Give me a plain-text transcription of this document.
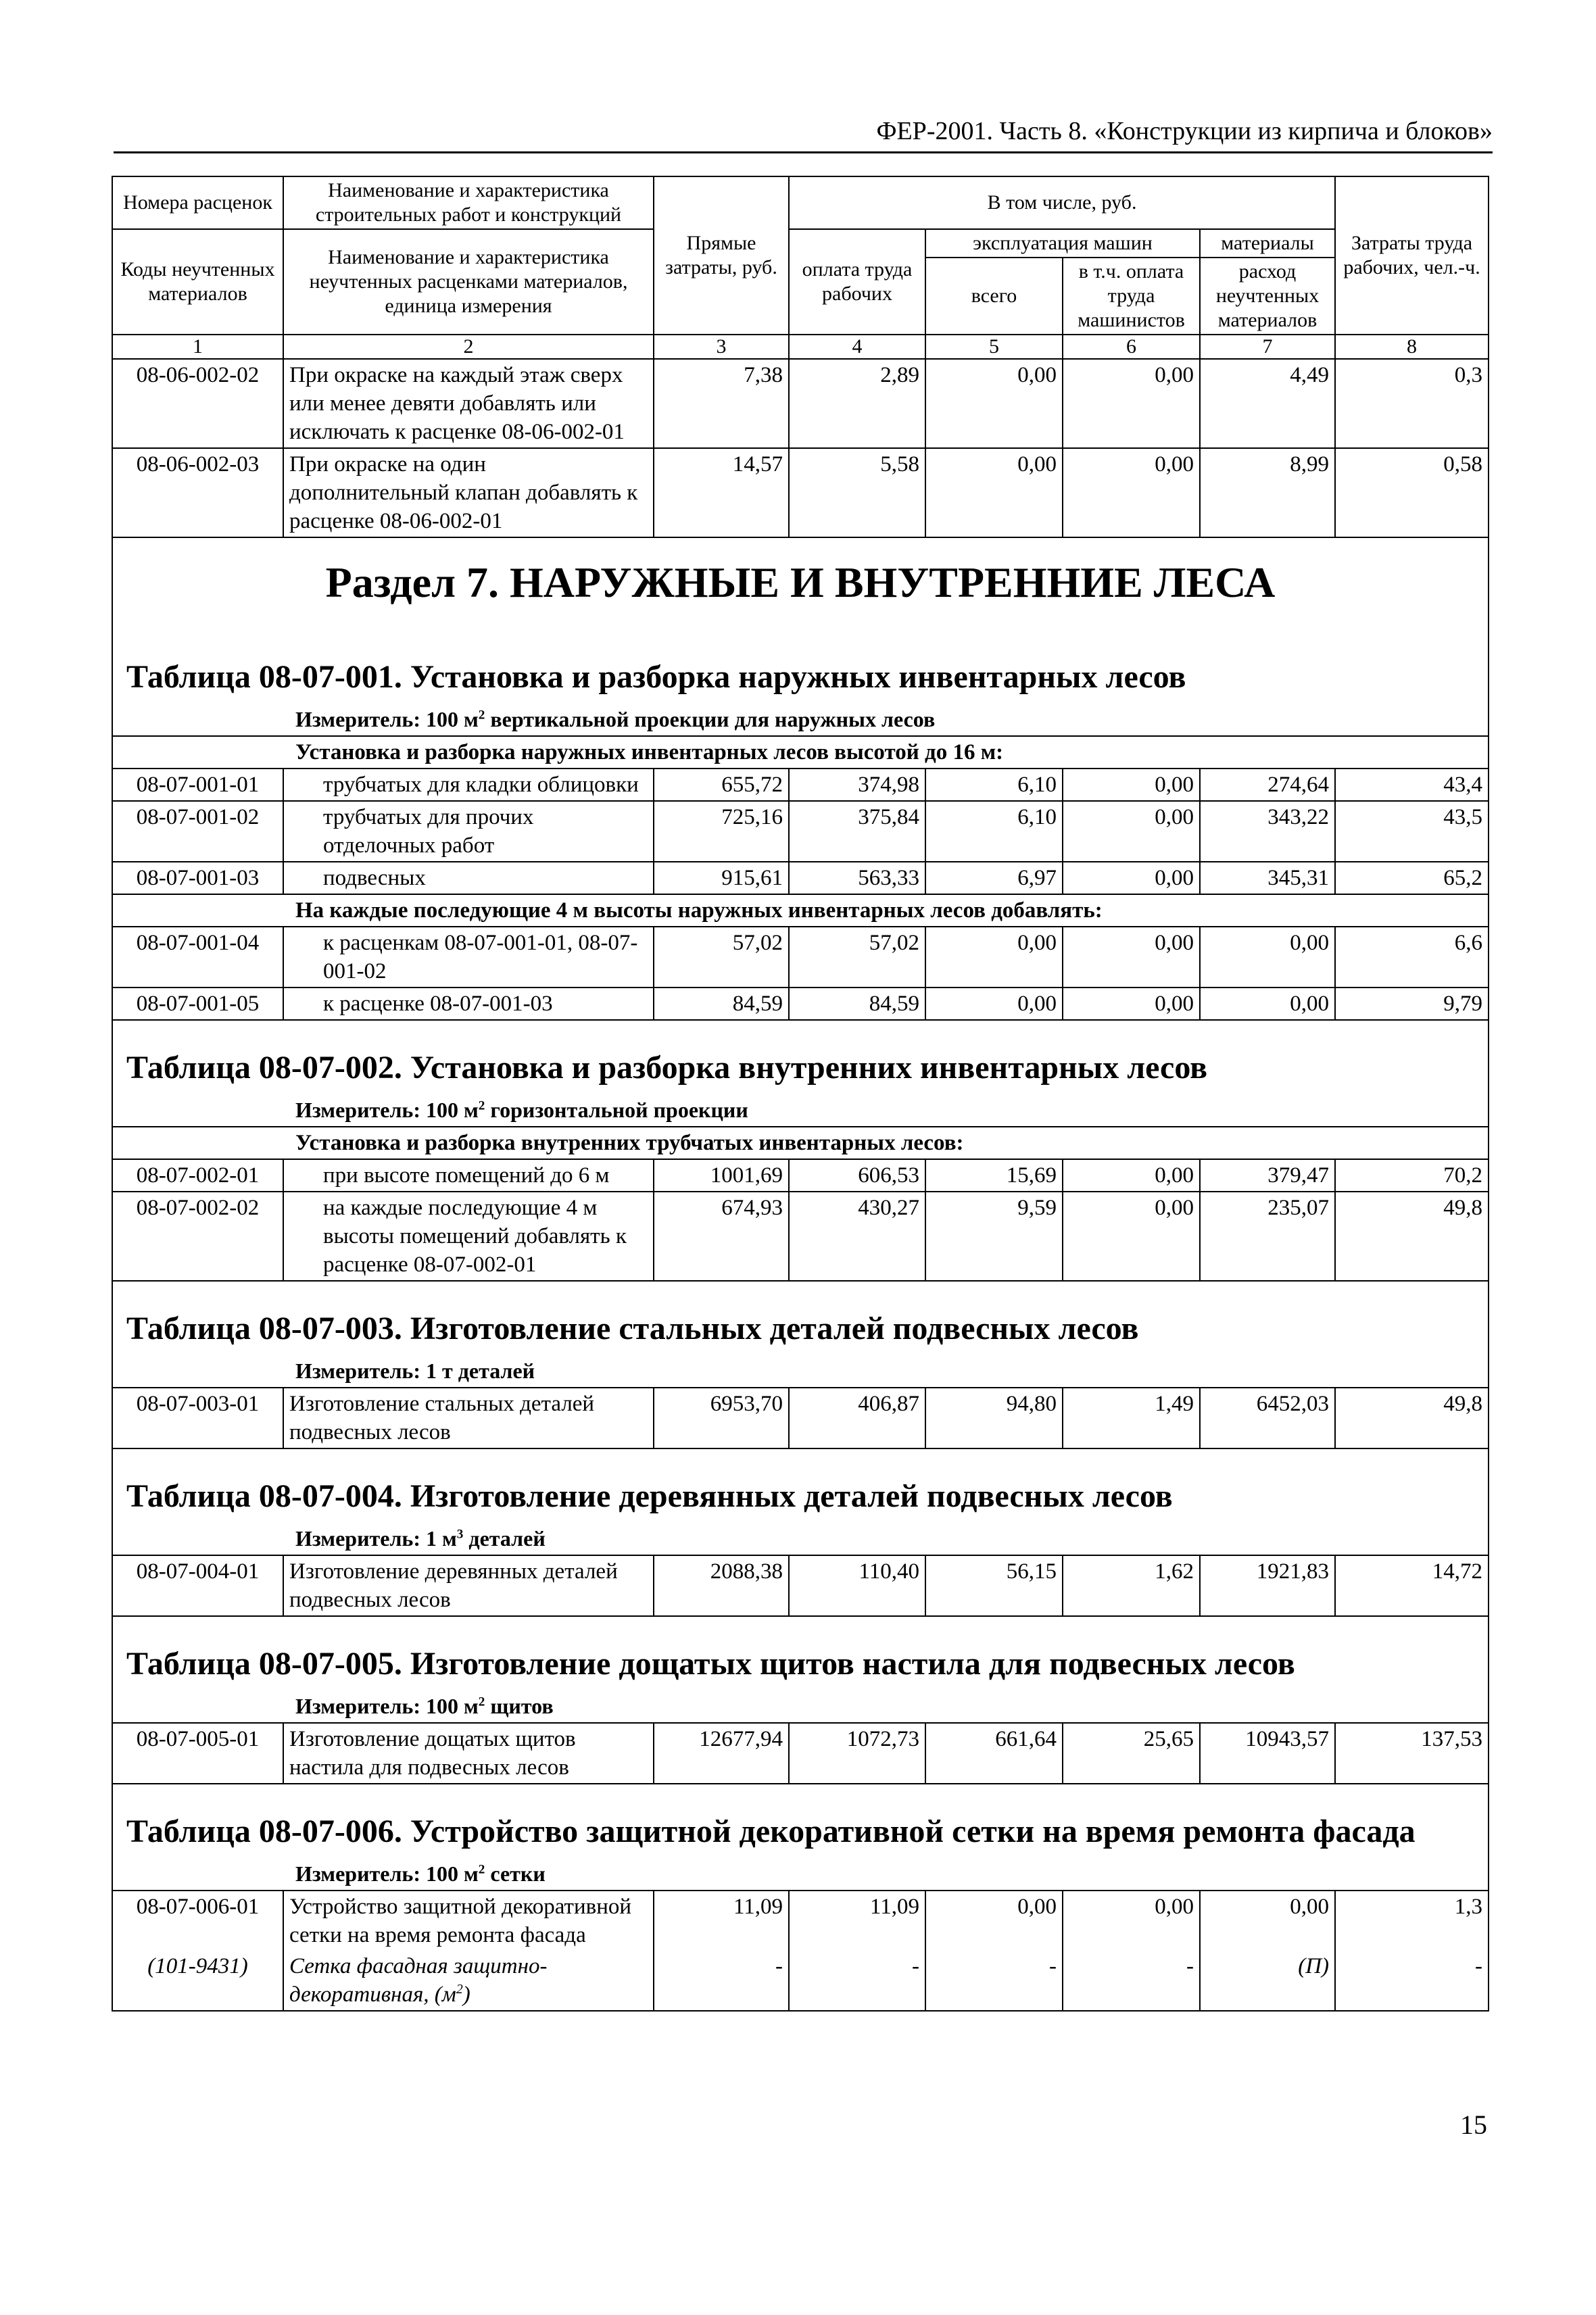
ФЕР-2001. Часть 8. «Конструкции из кирпича и блоков»
Номера расценок	Наименование и характеристика строительных работ и конструкций	Прямые затраты, руб.	В том числе, руб.				Затраты труда рабочих, чел.-ч.
Коды неучтенных материалов	Наименование и характеристика неучтенных расценками материалов, единица измерения		оплата труда рабочих	эксплуатация машин		материалы	
				всего	в т.ч. оплата труда машинистов	расход неучтенных материалов	
1	2	3	4	5	6	7	8
08-06-002-02	При окраске на каждый этаж сверх или менее девяти добавлять или исключать к расценке 08-06-002-01	7,38	2,89	0,00	0,00	4,49	0,3
08-06-002-03	При окраске на один дополнительный клапан добавлять к расценке 08-06-002-01	14,57	5,58	0,00	0,00	8,99	0,58
Раздел 7. НАРУЖНЫЕ И ВНУТРЕННИЕ ЛЕСА							
Таблица 08-07-001. Установка и разборка наружных инвентарных лесов							
Измеритель: 100 $м^2$ вертикальной проекции для наружных лесов							
Установка и разборка наружных инвентарных лесов высотой до 16 м:							
08-07-001-01	трубчатых для кладки облицовки	655,72	374,98	6,10	0,00	274,64	43,4
08-07-001-02	трубчатых для прочих отделочных работ	725,16	375,84	6,10	0,00	343,22	43,5
08-07-001-03	подвесных	915,61	563,33	6,97	0,00	345,31	65,2
На каждые последующие 4 м высоты наружных инвентарных лесов добавлять:							
08-07-001-04	к расценкам 08-07-001-01, 08-07-001-02	57,02	57,02	0,00	0,00	0,00	6,6
08-07-001-05	к расценке 08-07-001-03	84,59	84,59	0,00	0,00	0,00	9,79
Таблица 08-07-002. Установка и разборка внутренних инвентарных лесов							
Измеритель: 100 $м^2$ горизонтальной проекции							
Установка и разборка внутренних трубчатых инвентарных лесов:							
08-07-002-01	при высоте помещений до 6 м	1001,69	606,53	15,69	0,00	379,47	70,2
08-07-002-02	на каждые последующие 4 м высоты помещений добавлять к расценке 08-07-002-01	674,93	430,27	9,59	0,00	235,07	49,8
Таблица 08-07-003. Изготовление стальных деталей подвесных лесов							
Измеритель: 1 т деталей							
08-07-003-01	Изготовление стальных деталей подвесных лесов	6953,70	406,87	94,80	1,49	6452,03	49,8
Таблица 08-07-004. Изготовление деревянных деталей подвесных лесов							
Измеритель: 1 $м^3$ деталей							
08-07-004-01	Изготовление деревянных деталей подвесных лесов	2088,38	110,40	56,15	1,62	1921,83	14,72
Таблица 08-07-005. Изготовление дощатых щитов настила для подвесных лесов							
Измеритель: 100 $м^2$ щитов							
08-07-005-01	Изготовление дощатых щитов настила для подвесных лесов	12677,94	1072,73	661,64	25,65	10943,57	137,53
Таблица 08-07-006. Устройство защитной декоративной сетки на время ремонта фасада							
Измеритель: 100 $м^2$ сетки							
08-07-006-01	Устройство защитной декоративной сетки на время ремонта фасада	11,09	11,09	0,00	0,00	0,00	1,3
(101-9431)	Сетка фасадная защитно-декоративная, $(м^2)$	-	-	-	-	(П)	-
15
